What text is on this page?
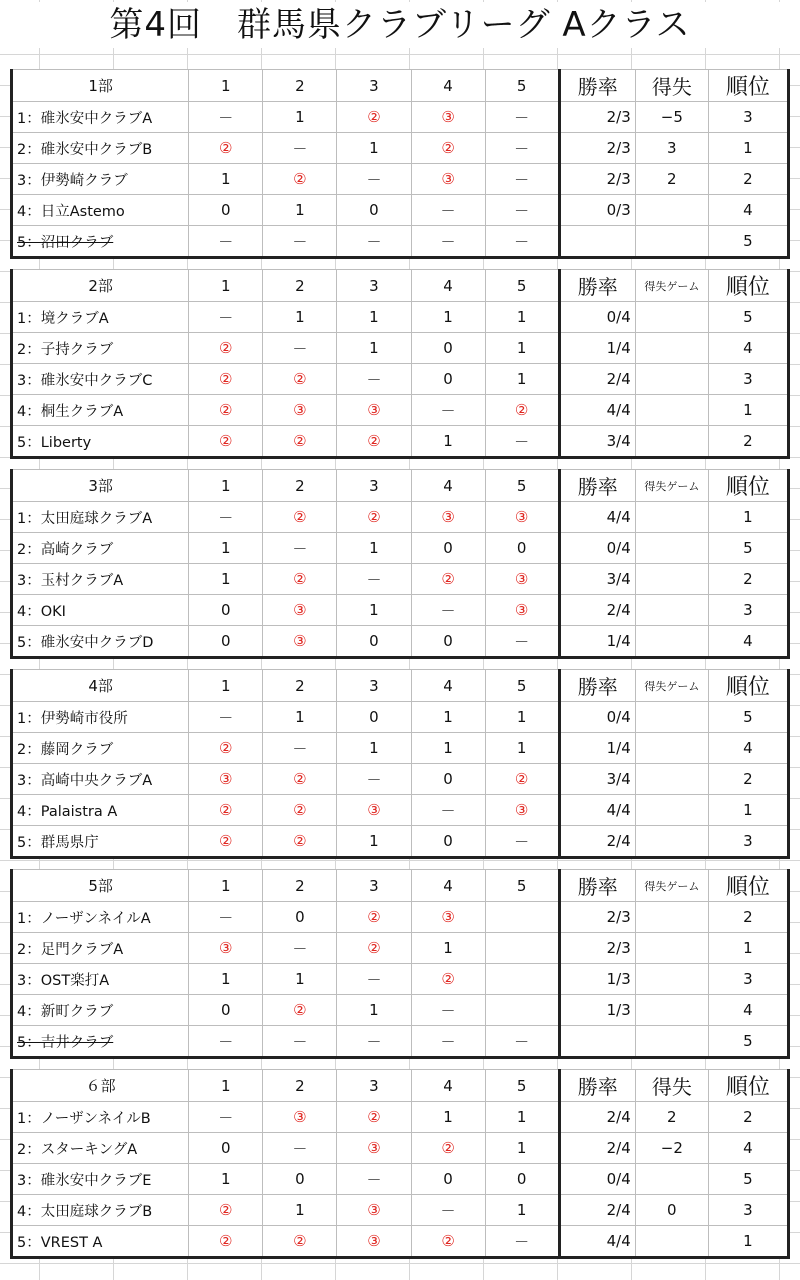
第4回　群馬県クラブリーグ Aクラス
1部	1	2	3	4	5	勝率	得失	順位
1：碓氷安中クラブA	－	1	②	③	－	2/3	−5	3
2：碓氷安中クラブB	②	－	1	②	－	2/3	3	1
3：伊勢崎クラブ	1	②	－	③	－	2/3	2	2
4：日立Astemo	0	1	0	－	－	0/3		4
5：沼田クラブ	－	－	－	－	－			5
2部	1	2	3	4	5	勝率	得失ゲーム	順位
1：境クラブA	－	1	1	1	1	0/4		5
2：子持クラブ	②	－	1	0	1	1/4		4
3：碓氷安中クラブC	②	②	－	0	1	2/4		3
4：桐生クラブA	②	③	③	－	②	4/4		1
5：Liberty	②	②	②	1	－	3/4		2
3部	1	2	3	4	5	勝率	得失ゲーム	順位
1：太田庭球クラブA	－	②	②	③	③	4/4		1
2：高崎クラブ	1	－	1	0	0	0/4		5
3：玉村クラブA	1	②	－	②	③	3/4		2
4：OKI	0	③	1	－	③	2/4		3
5：碓氷安中クラブD	0	③	0	0	－	1/4		4
4部	1	2	3	4	5	勝率	得失ゲーム	順位
1：伊勢崎市役所	－	1	0	1	1	0/4		5
2：藤岡クラブ	②	－	1	1	1	1/4		4
3：高崎中央クラブA	③	②	－	0	②	3/4		2
4：Palaistra A	②	②	③	－	③	4/4		1
5：群馬県庁	②	②	1	0	－	2/4		3
5部	1	2	3	4	5	勝率	得失ゲーム	順位
1：ノーザンネイルA	－	0	②	③		2/3		2
2：足門クラブA	③	－	②	1		2/3		1
3：OST楽打A	1	1	－	②		1/3		3
4：新町クラブ	0	②	1	－		1/3		4
5：吉井クラブ	－	－	－	－	－			5
６部	1	2	3	4	5	勝率	得失	順位
1：ノーザンネイルB	－	③	②	1	1	2/4	2	2
2：スターキングA	0	－	③	②	1	2/4	−2	4
3：碓氷安中クラブE	1	0	－	0	0	0/4		5
4：太田庭球クラブB	②	1	③	－	1	2/4	0	3
5：VREST A	②	②	③	②	－	4/4		1
